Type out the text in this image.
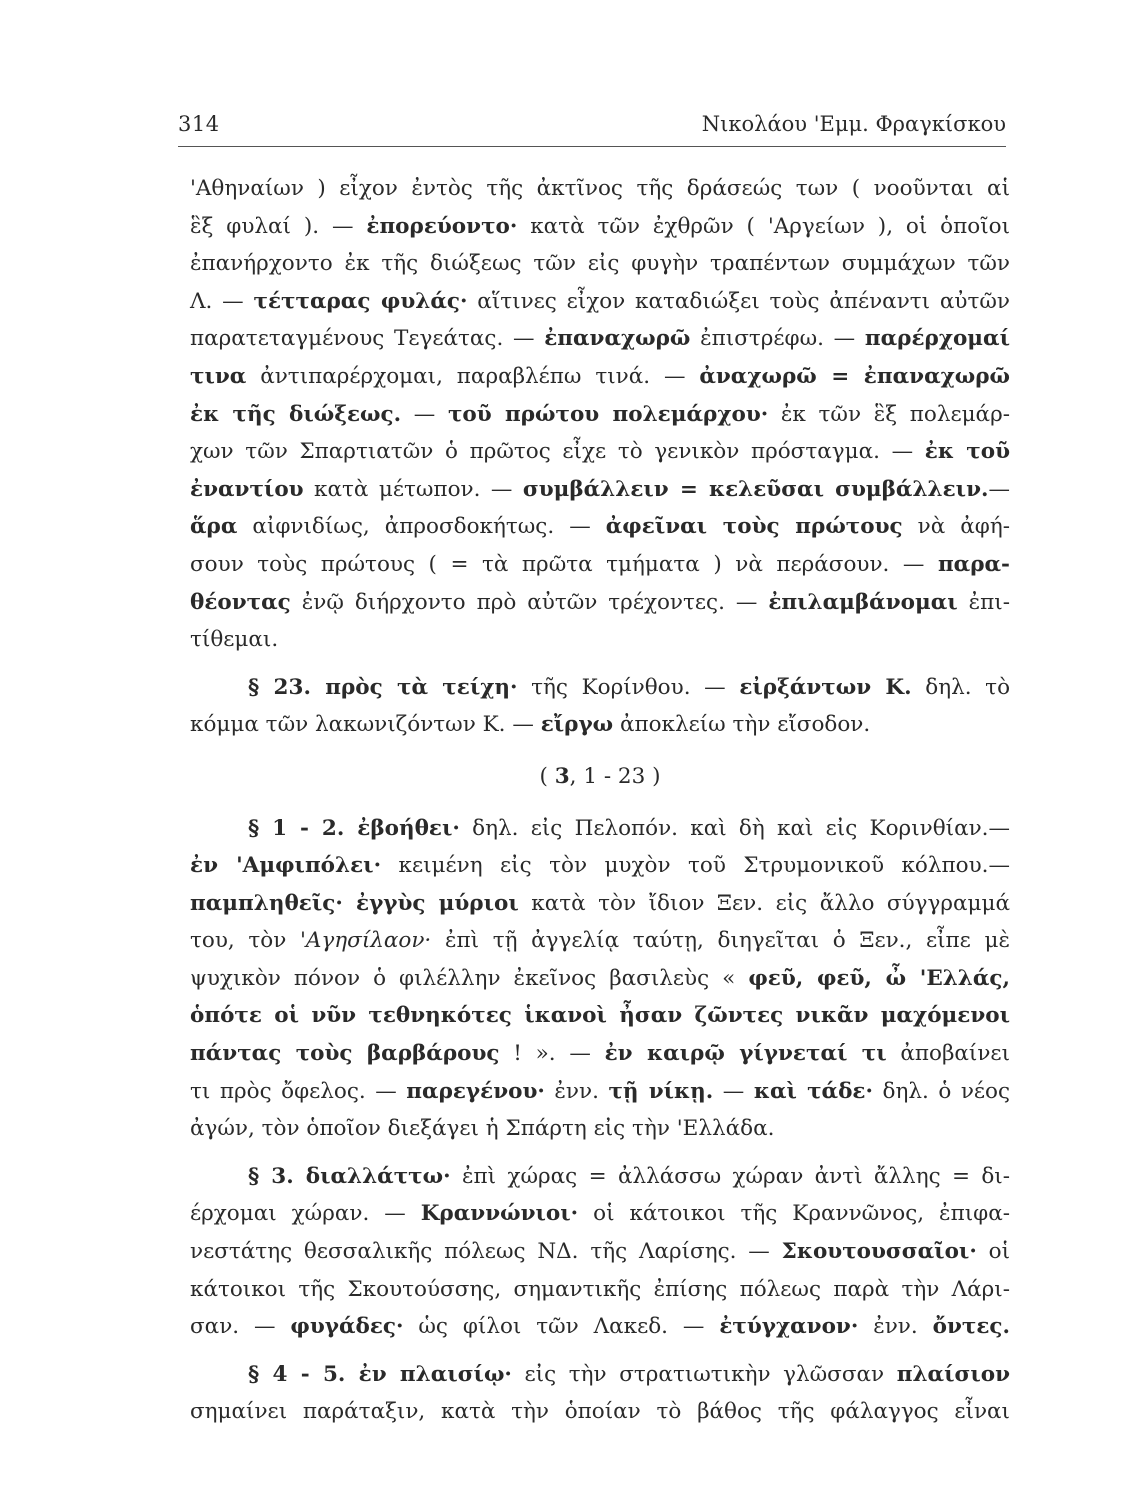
314	Νικολάου 'Εμμ. Φραγκίσκου
'Αθηναίων ) εἶχον ἐντὸς τῆς ἀκτῖνος τῆς δράσεώς των ( νοοῦνται αἱ
ἓξ φυλαί ). — ἐπορεύοντο· κατὰ τῶν ἐχθρῶν ( 'Αργείων ), οἱ ὁποῖοι
ἐπανήρχοντο ἐκ τῆς διώξεως τῶν εἰς φυγὴν τραπέντων συμμάχων τῶν
Λ. — τέτταρας φυλάς· αἵτινες εἶχον καταδιώξει τοὺς ἀπέναντι αὐτῶν
παρατεταγμένους Τεγεάτας. — ἐπαναχωρῶ ἐπιστρέφω. — παρέρχομαί
τινα ἀντιπαρέρχομαι, παραβλέπω τινά. — ἀναχωρῶ = ἐπαναχωρῶ
ἐκ τῆς διώξεως. — τοῦ πρώτου πολεμάρχου· ἐκ τῶν ἓξ πολεμάρ-
χων τῶν Σπαρτιατῶν ὁ πρῶτος εἶχε τὸ γενικὸν πρόσταγμα. — ἐκ τοῦ
ἐναντίου κατὰ μέτωπον. — συμβάλλειν = κελεῦσαι συμβάλλειν.—
ἅρα αἰφνιδίως, ἀπροσδοκήτως. — ἀφεῖναι τοὺς πρώτους νὰ ἀφή-
σουν τοὺς πρώτους ( = τὰ πρῶτα τμήματα ) νὰ περάσουν. — παρα-
θέοντας ἐνῷ διήρχοντο πρὸ αὐτῶν τρέχοντες. — ἐπιλαμβάνομαι ἐπι-
τίθεμαι.
§ 23. πρὸς τὰ τείχη· τῆς Κορίνθου. — εἰρξάντων Κ. δηλ. τὸ
κόμμα τῶν λακωνιζόντων Κ. — εἴργω ἀποκλείω τὴν εἴσοδον.
( 3, 1 - 23 )
§ 1 - 2. ἐβοήθει· δηλ. εἰς Πελοπόν. καὶ δὴ καὶ εἰς Κορινθίαν.—
ἐν 'Αμφιπόλει· κειμένη εἰς τὸν μυχὸν τοῦ Στρυμονικοῦ κόλπου.—
παμπληθεῖς· ἐγγὺς μύριοι κατὰ τὸν ἴδιον Ξεν. εἰς ἄλλο σύγγραμμά
του, τὸν 'Αγησίλαον· ἐπὶ τῇ ἀγγελίᾳ ταύτῃ, διηγεῖται ὁ Ξεν., εἶπε μὲ
ψυχικὸν πόνον ὁ φιλέλλην ἐκεῖνος βασιλεὺς « φεῦ, φεῦ, ὦ 'Ελλάς,
ὁπότε οἱ νῦν τεθνηκότες ἱκανοὶ ἦσαν ζῶντες νικᾶν μαχόμενοι
πάντας τοὺς βαρβάρους ! ». — ἐν καιρῷ γίγνεταί τι ἀποβαίνει
τι πρὸς ὄφελος. — παρεγένου· ἐνν. τῇ νίκῃ. — καὶ τάδε· δηλ. ὁ νέος
ἀγών, τὸν ὁποῖον διεξάγει ἡ Σπάρτη εἰς τὴν 'Ελλάδα.
§ 3. διαλλάττω· ἐπὶ χώρας = ἀλλάσσω χώραν ἀντὶ ἄλλης = δι-
έρχομαι χώραν. — Κραννώνιοι· οἱ κάτοικοι τῆς Κραννῶνος, ἐπιφα-
νεστάτης θεσσαλικῆς πόλεως ΝΔ. τῆς Λαρίσης. — Σκουτουσσαῖοι· οἱ
κάτοικοι τῆς Σκουτούσσης, σημαντικῆς ἐπίσης πόλεως παρὰ τὴν Λάρι-
σαν. — φυγάδες· ὡς φίλοι τῶν Λακεδ. — ἐτύγχανον· ἐνν. ὄντες.
§ 4 - 5. ἐν πλαισίῳ· εἰς τὴν στρατιωτικὴν γλῶσσαν πλαίσιον
σημαίνει παράταξιν, κατὰ τὴν ὁποίαν τὸ βάθος τῆς φάλαγγος εἶναι
